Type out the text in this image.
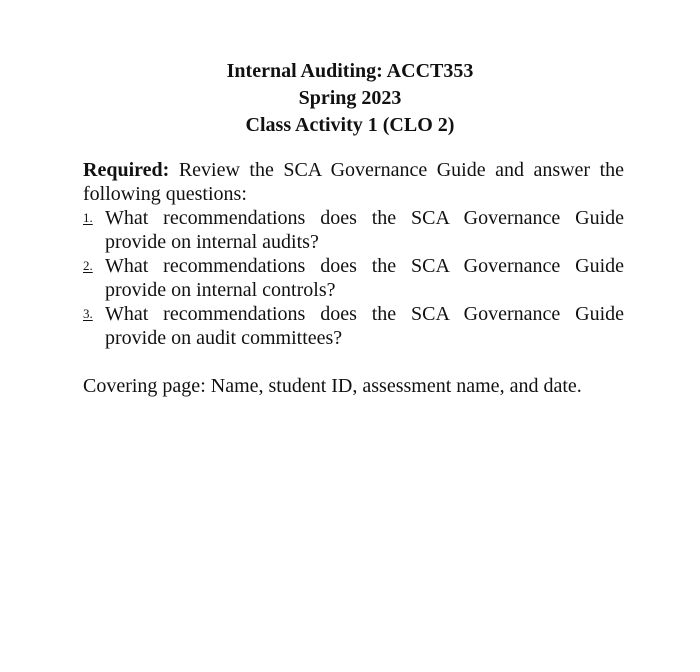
Internal Auditing: ACCT353
Spring 2023
Class Activity 1 (CLO 2)
Required: Review the SCA Governance Guide and answer the following questions:
1. What recommendations does the SCA Governance Guide provide on internal audits?
2. What recommendations does the SCA Governance Guide provide on internal controls?
3. What recommendations does the SCA Governance Guide provide on audit committees?
Covering page: Name, student ID, assessment name, and date.
